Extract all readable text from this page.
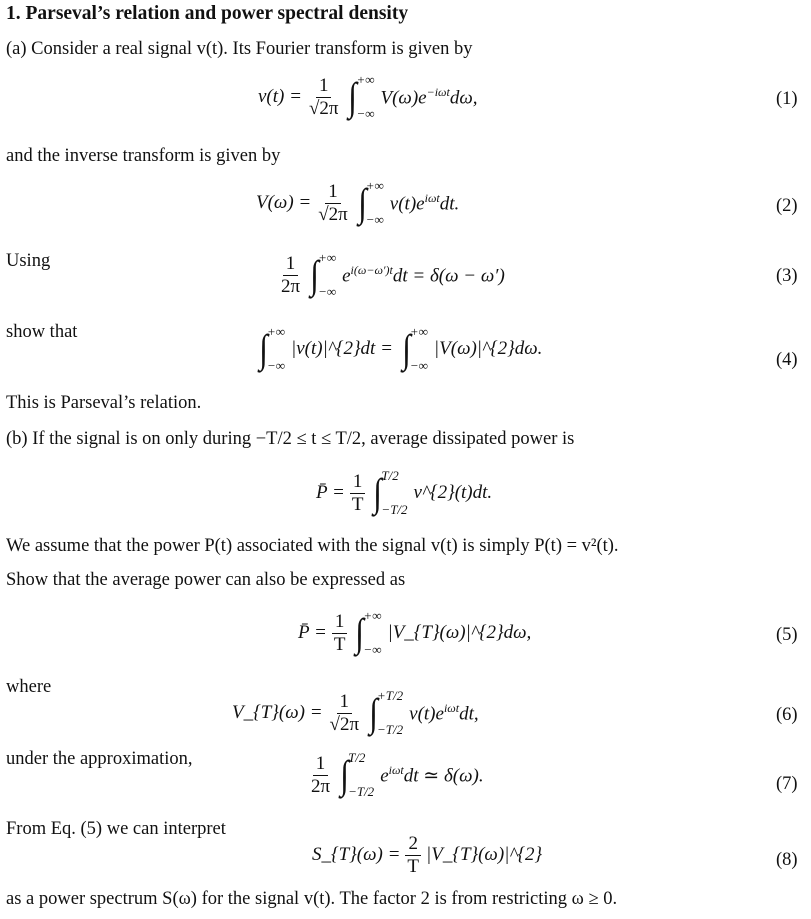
1. Parseval’s relation and power spectral density
(a) Consider a real signal v(t). Its Fourier transform is given by
$v(t) = \frac{1}{√2\pi}$ ∫ +∞
−∞
$V(\omega)e^{-i\omega t}d\omega$,	(1)
and the inverse transform is given by
$V(\omega) = \frac{1}{√2\pi}$ ∫ +∞
−∞
$v(t)e^{i\omega t}dt$.	(2)
Using	$\frac{1}{2\pi}$ ∫ +∞
−∞
$e^{i(\omega-\omega')t}dt = \delta(\omega - \omega')$	(3)
show that	∫ +∞
−∞
|v(t)|^{2}dt = ∫ +∞
−∞
|V(ω)|^{2}dω.
(4)
This is Parseval’s relation.
(b) If the signal is on only during −T/2 ≤ t ≤ T/2, average dissipated power is
P̄ = $\frac{1}{T}$ ∫ T/2
−T/2
v^{2}(t)dt.
We assume that the power P(t) associated with the signal v(t) is simply P(t) = v²(t).
Show that the average power can also be expressed as
P̄ = $\frac{1}{T}$ ∫ +∞
−∞
|V_{T}(ω)|^{2}dω,	(5)
where
V_{T}(ω) = $\frac{1}{√2\pi}$ ∫ +T/2
−T/2
$v(t)e^{i\omega t}dt$,	(6)
under the approximation,	$\frac{1}{2\pi}$ ∫ T/2
−T/2
$e^{i\omega t}dt$ ≃ δ(ω).	(7)
From Eq. (5) we can interpret
S_{T}(ω) = $\frac{2}{T}$ |V_{T}(ω)|^{2}	(8)
as a power spectrum S(ω) for the signal v(t). The factor 2 is from restricting ω ≥ 0.
